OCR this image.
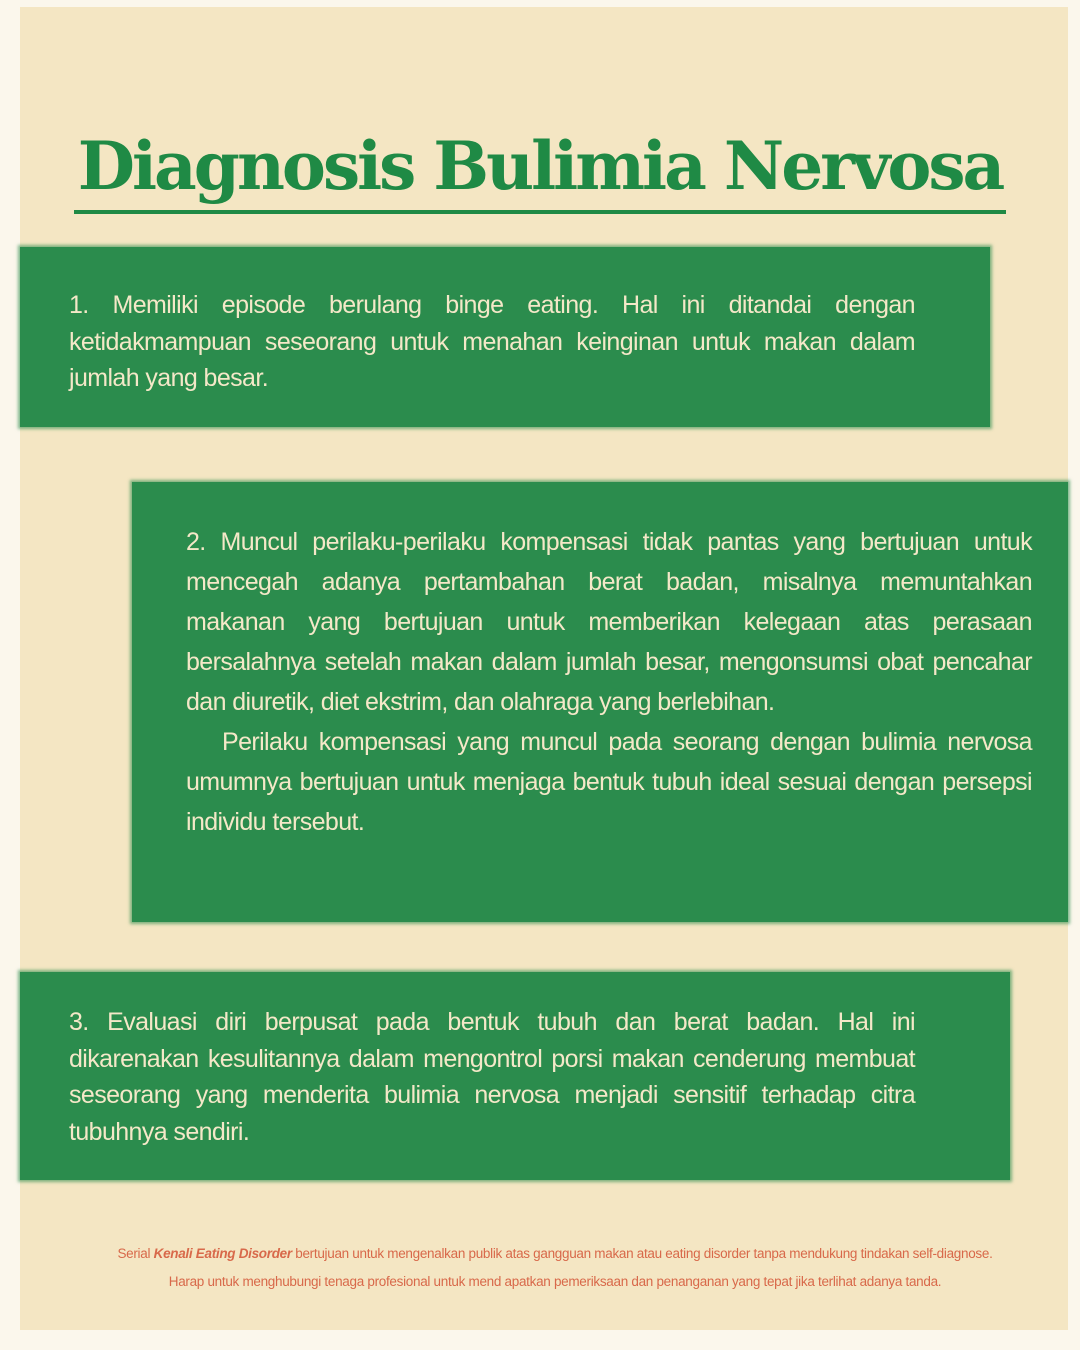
Diagnosis Bulimia Nervosa

1. Memiliki episode berulang binge eating. Hal ini ditandai dengan ketidakmampuan seseorang untuk menahan keinginan untuk makan dalam jumlah yang besar.

2. Muncul perilaku-perilaku kompensasi tidak pantas yang bertujuan untuk mencegah adanya pertambahan berat badan, misalnya memuntahkan makanan yang bertujuan untuk memberikan kelegaan atas perasaan bersalahnya setelah makan dalam jumlah besar, mengonsumsi obat pencahar dan diuretik, diet ekstrim, dan olahraga yang berlebihan.

Perilaku kompensasi yang muncul pada seorang dengan bulimia nervosa umumnya bertujuan untuk menjaga bentuk tubuh ideal sesuai dengan persepsi individu tersebut.

3. Evaluasi diri berpusat pada bentuk tubuh dan berat badan. Hal ini dikarenakan kesulitannya dalam mengontrol porsi makan cenderung membuat seseorang yang menderita bulimia nervosa menjadi sensitif terhadap citra tubuhnya sendiri.

Serial Kenali Eating Disorder bertujuan untuk mengenalkan publik atas gangguan makan atau eating disorder tanpa mendukung tindakan self-diagnose. Harap untuk menghubungi tenaga profesional untuk mend apatkan pemeriksaan dan penanganan yang tepat jika terlihat adanya tanda.
